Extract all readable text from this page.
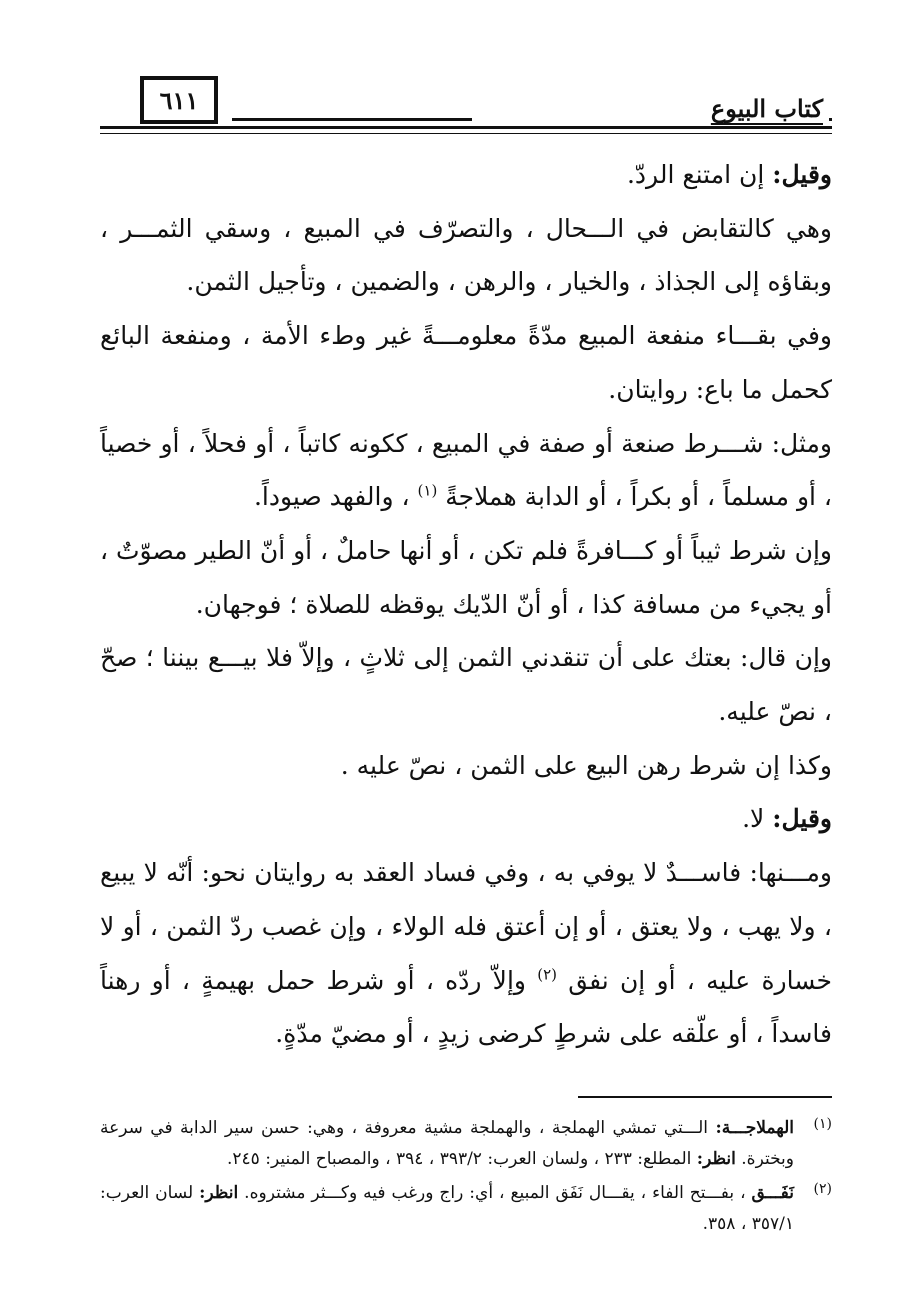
٦١١	كتاب البيوع

وقيل: إن امتنع الردّ.

وهي كالتقابض في الـــحال ، والتصرّف في المبيع ، وسقي الثمـــر ، وبقاؤه إلى الجذاذ ، والخيار ، والرهن ، والضمين ، وتأجيل الثمن.

وفي بقـــاء منفعة المبيع مدّةً معلومـــةً غير وطء الأمة ، ومنفعة البائع كحمل ما باع: روايتان.

ومثل: شـــرط صنعة أو صفة في المبيع ، ككونه كاتباً ، أو فحلاً ، أو خصياً ، أو مسلماً ، أو بكراً ، أو الدابة هملاجةً $^{(١)}$ ، والفهد صيوداً.

وإن شرط ثيباً أو كـــافرةً فلم تكن ، أو أنها حاملٌ ، أو أنّ الطير مصوّتٌ ، أو يجيء من مسافة كذا ، أو أنّ الدّيك يوقظه للصلاة ؛ فوجهان.

وإن قال: بعتك على أن تنقدني الثمن إلى ثلاثٍ ، وإلاّ فلا بيـــع بيننا ؛ صحّ ، نصّ عليه.

وكذا إن شرط رهن البيع على الثمن ، نصّ عليه .

وقيل: لا.

ومـــنها: فاســـدٌ لا يوفي به ، وفي فساد العقد به روايتان نحو: أنّه لا يبيع ، ولا يهب ، ولا يعتق ، أو إن أعتق فله الولاء ، وإن غصب ردّ الثمن ، أو لا خسارة عليه ، أو إن نفق $^{(٢)}$ وإلاّ ردّه ، أو شرط حمل بهيمةٍ ، أو رهناً فاسداً ، أو علّقه على شرطٍ كرضى زيدٍ ، أو مضيّ مدّةٍ.

(١)
الهملاجـــة: الـــتي تمشي الهملجة ، والهملجة مشية معروفة ، وهي: حسن سير الدابة في سرعة وبخترة. انظر: المطلع: ٢٣٣ ، ولسان العرب: ٣٩٣/٢ ، ٣٩٤ ، والمصباح المنير: ٢٤٥.
(٢)
نَفَـــق ، بفـــتح الفاء ، يقـــال نَفَق المبيع ، أي: راج ورغب فيه وكـــثر مشتروه. انظر: لسان العرب: ٣٥٧/١ ، ٣٥٨.
